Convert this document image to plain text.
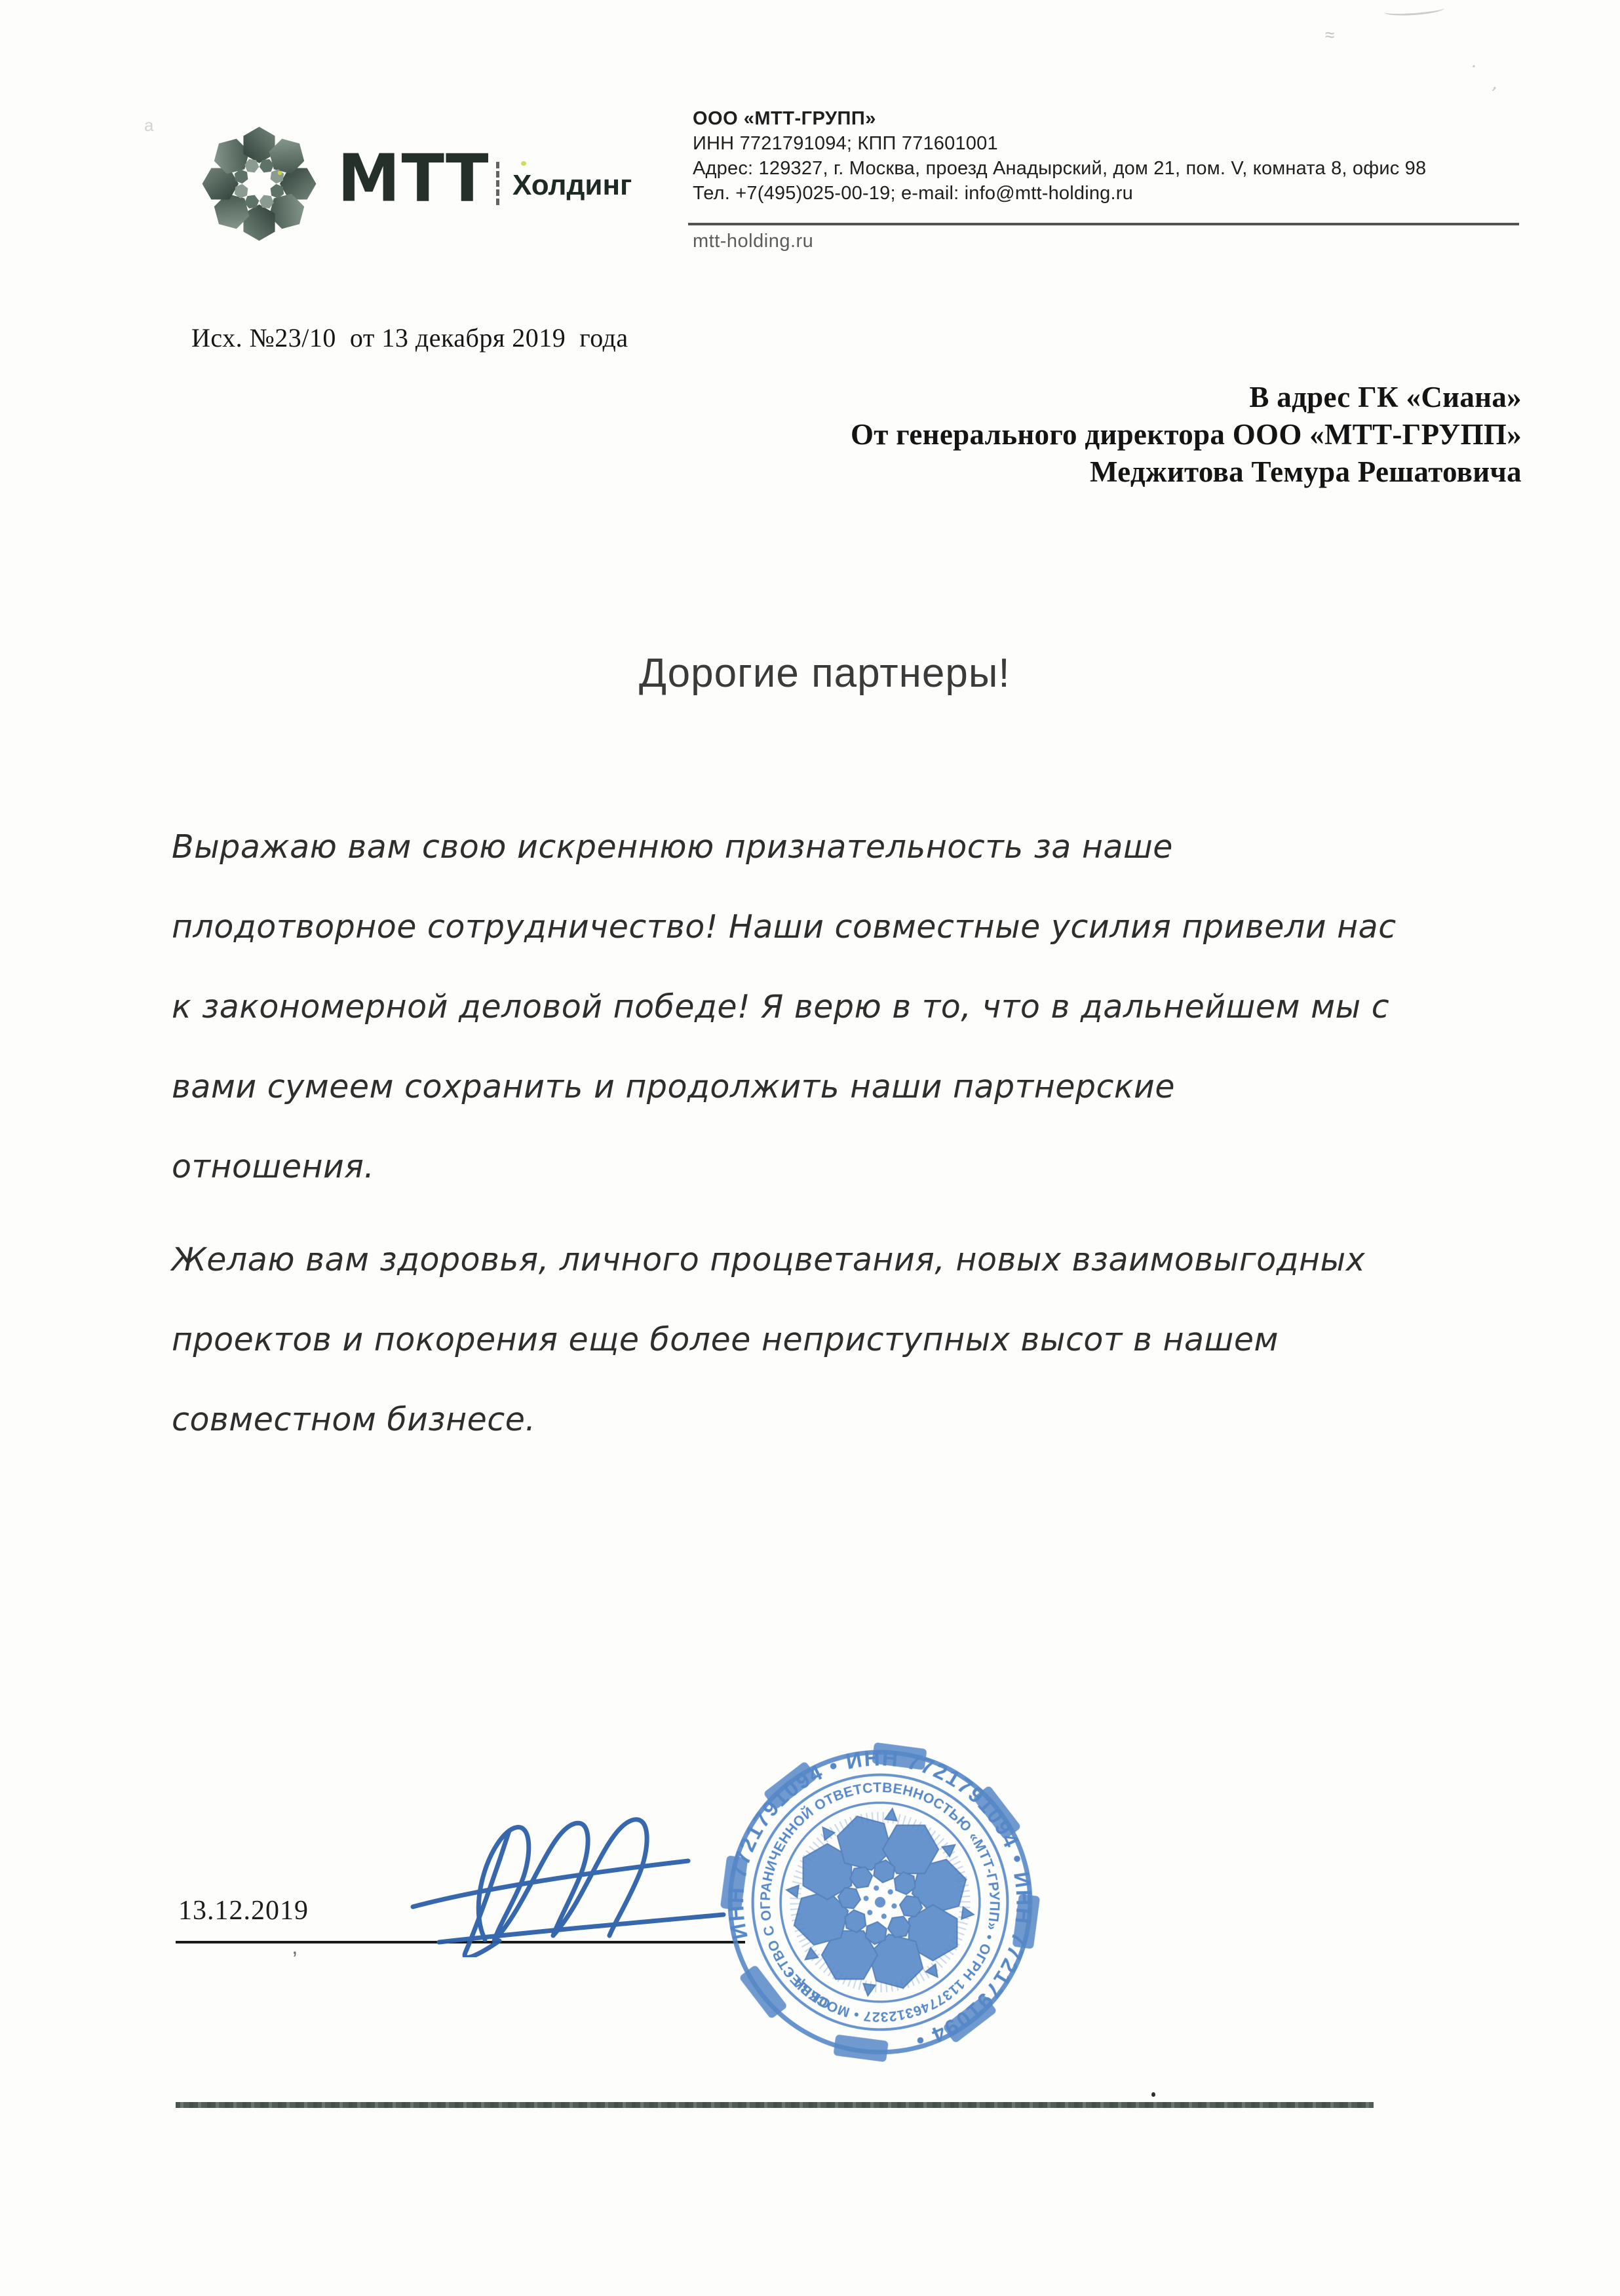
МТТ Холдинг
ООО «МТТ-ГРУПП»
ИНН 7721791094; КПП 771601001
Адрес: 129327, г. Москва, проезд Анадырский, дом 21, пом. V, комната 8, офис 98
Тел. +7(495)025-00-19; e-mail: info@mtt-holding.ru
mtt-holding.ru
Исх. №23/10  от 13 декабря 2019  года
В адрес ГК «Сиана»
От генерального директора ООО «МТТ-ГРУПП»
Меджитова Темура Решатовича
Дорогие партнеры!
Выражаю вам свою искреннюю признательность за наше
плодотворное сотрудничество! Наши совместные усилия привели нас
к закономерной деловой победе! Я верю в то, что в дальнейшем мы с
вами сумеем сохранить и продолжить наши партнерские
отношения.
Желаю вам здоровья, личного процветания, новых взаимовыгодных
проектов и покорения еще более неприступных высот в нашем
совместном бизнесе.
13.12.2019
ИНН 7721791094 • ИНН 7721791094 • ИНН 7721791094 •
ОБЩЕСТВО С ОГРАНИЧЕННОЙ ОТВЕТСТВЕННОСТЬЮ «МТТ-ГРУПП» • ОГРН 1137746312327 • МОСКВА •
≈
· ,
а
’
